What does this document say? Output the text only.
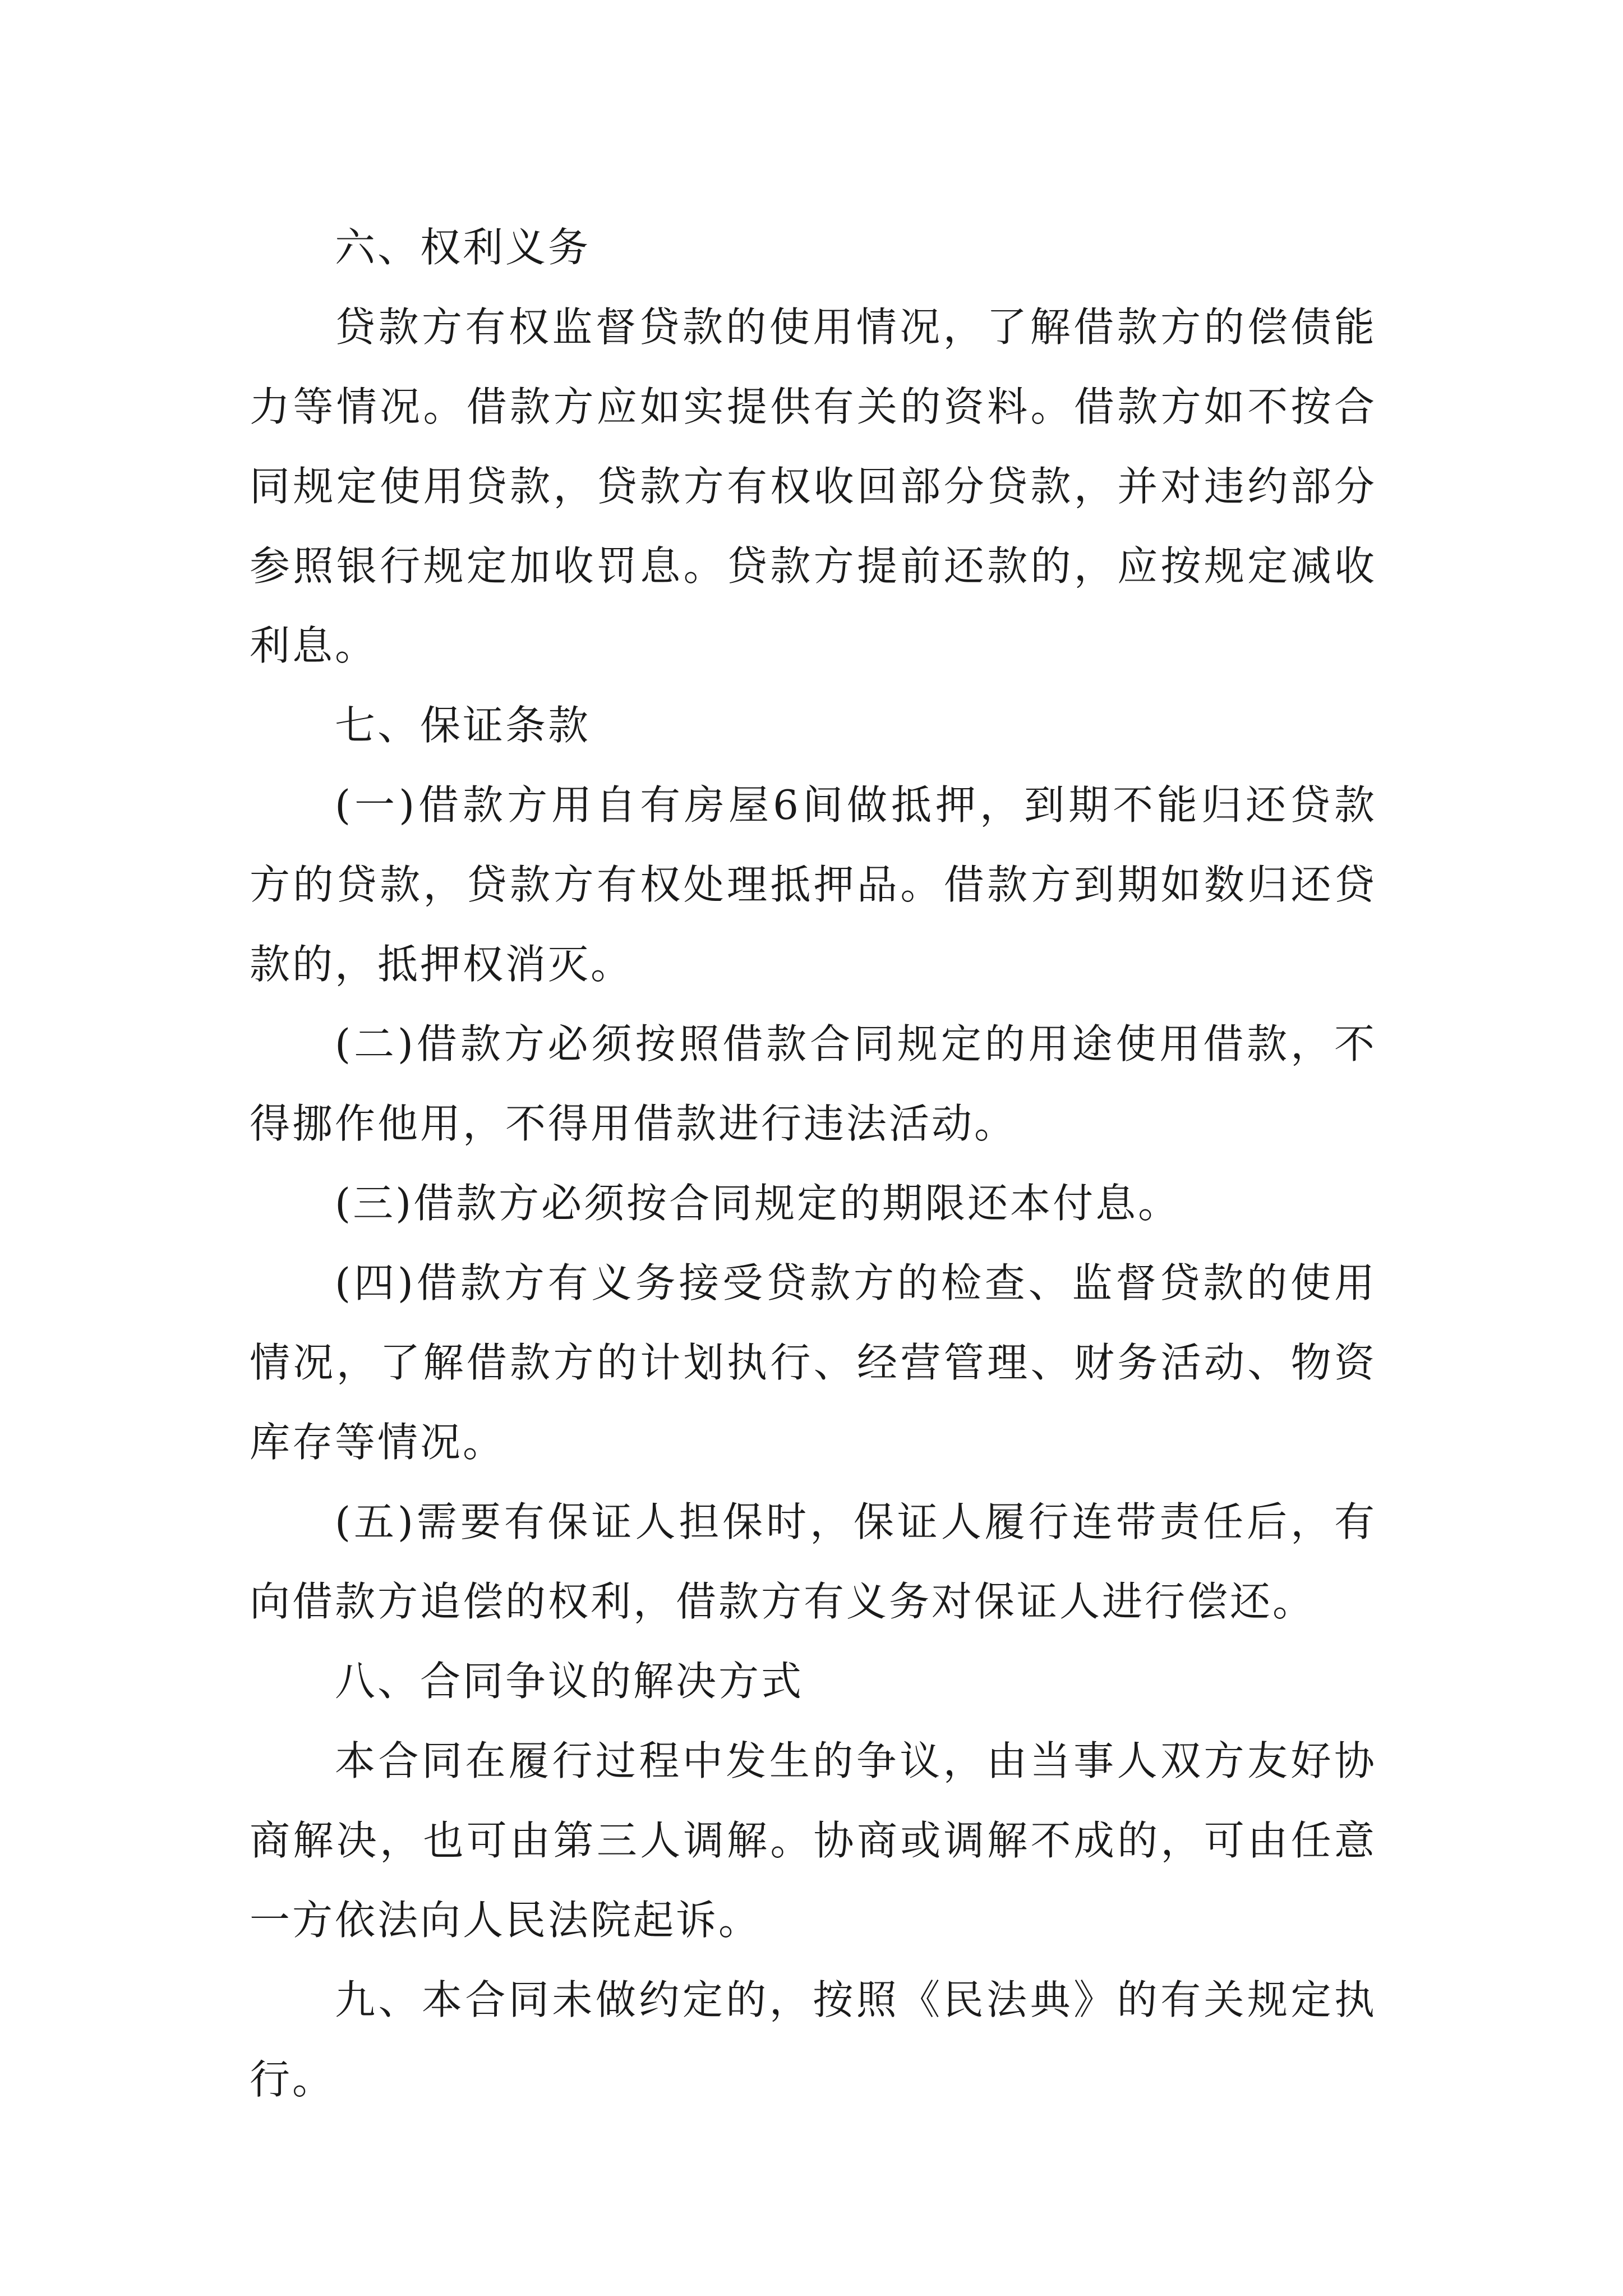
六、权利义务

贷款方有权监督贷款的使用情况，了解借款方的偿债能力等情况。借款方应如实提供有关的资料。借款方如不按合同规定使用贷款，贷款方有权收回部分贷款，并对违约部分参照银行规定加收罚息。贷款方提前还款的，应按规定减收利息。

七、保证条款

(一)借款方用自有房屋6间做抵押，到期不能归还贷款方的贷款，贷款方有权处理抵押品。借款方到期如数归还贷款的，抵押权消灭。

(二)借款方必须按照借款合同规定的用途使用借款，不得挪作他用，不得用借款进行违法活动。

(三)借款方必须按合同规定的期限还本付息。

(四)借款方有义务接受贷款方的检查、监督贷款的使用情况，了解借款方的计划执行、经营管理、财务活动、物资库存等情况。

(五)需要有保证人担保时，保证人履行连带责任后，有向借款方追偿的权利，借款方有义务对保证人进行偿还。

八、合同争议的解决方式

本合同在履行过程中发生的争议，由当事人双方友好协商解决，也可由第三人调解。协商或调解不成的，可由任意一方依法向人民法院起诉。

九、本合同未做约定的，按照《民法典》的有关规定执行。
